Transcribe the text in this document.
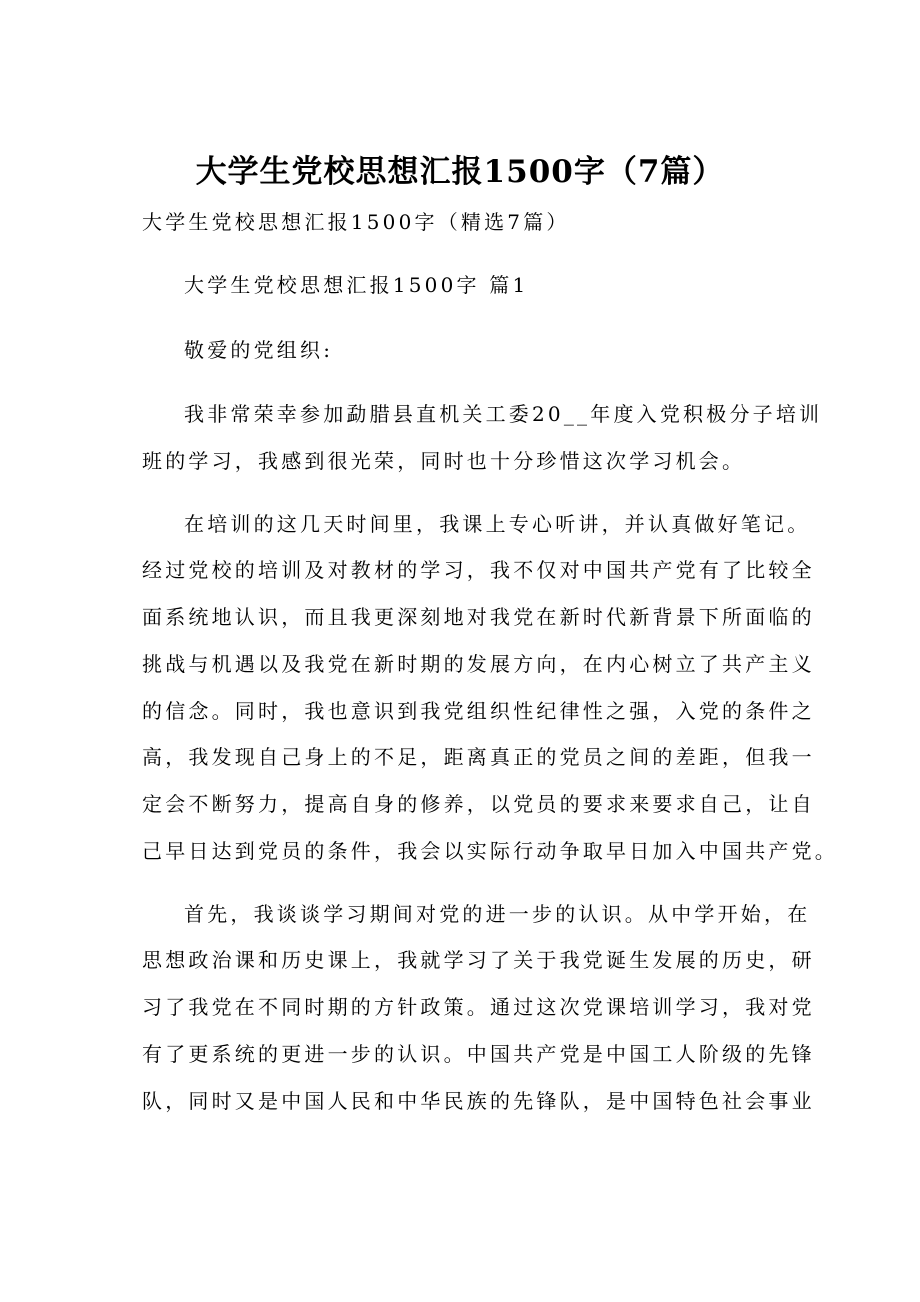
大学生党校思想汇报1500字（7篇）
大学生党校思想汇报1500字（精选7篇）
大学生党校思想汇报1500字 篇1
敬爱的党组织:
我非常荣幸参加勐腊县直机关工委20__年度入党积极分子培训
班的学习，我感到很光荣，同时也十分珍惜这次学习机会。
在培训的这几天时间里，我课上专心听讲，并认真做好笔记。
经过党校的培训及对教材的学习，我不仅对中国共产党有了比较全
面系统地认识，而且我更深刻地对我党在新时代新背景下所面临的
挑战与机遇以及我党在新时期的发展方向，在内心树立了共产主义
的信念。同时，我也意识到我党组织性纪律性之强，入党的条件之
高，我发现自己身上的不足，距离真正的党员之间的差距，但我一
定会不断努力，提高自身的修养，以党员的要求来要求自己，让自
己早日达到党员的条件，我会以实际行动争取早日加入中国共产党。
首先，我谈谈学习期间对党的进一步的认识。从中学开始，在
思想政治课和历史课上，我就学习了关于我党诞生发展的历史，研
习了我党在不同时期的方针政策。通过这次党课培训学习，我对党
有了更系统的更进一步的认识。中国共产党是中国工人阶级的先锋
队，同时又是中国人民和中华民族的先锋队，是中国特色社会事业
